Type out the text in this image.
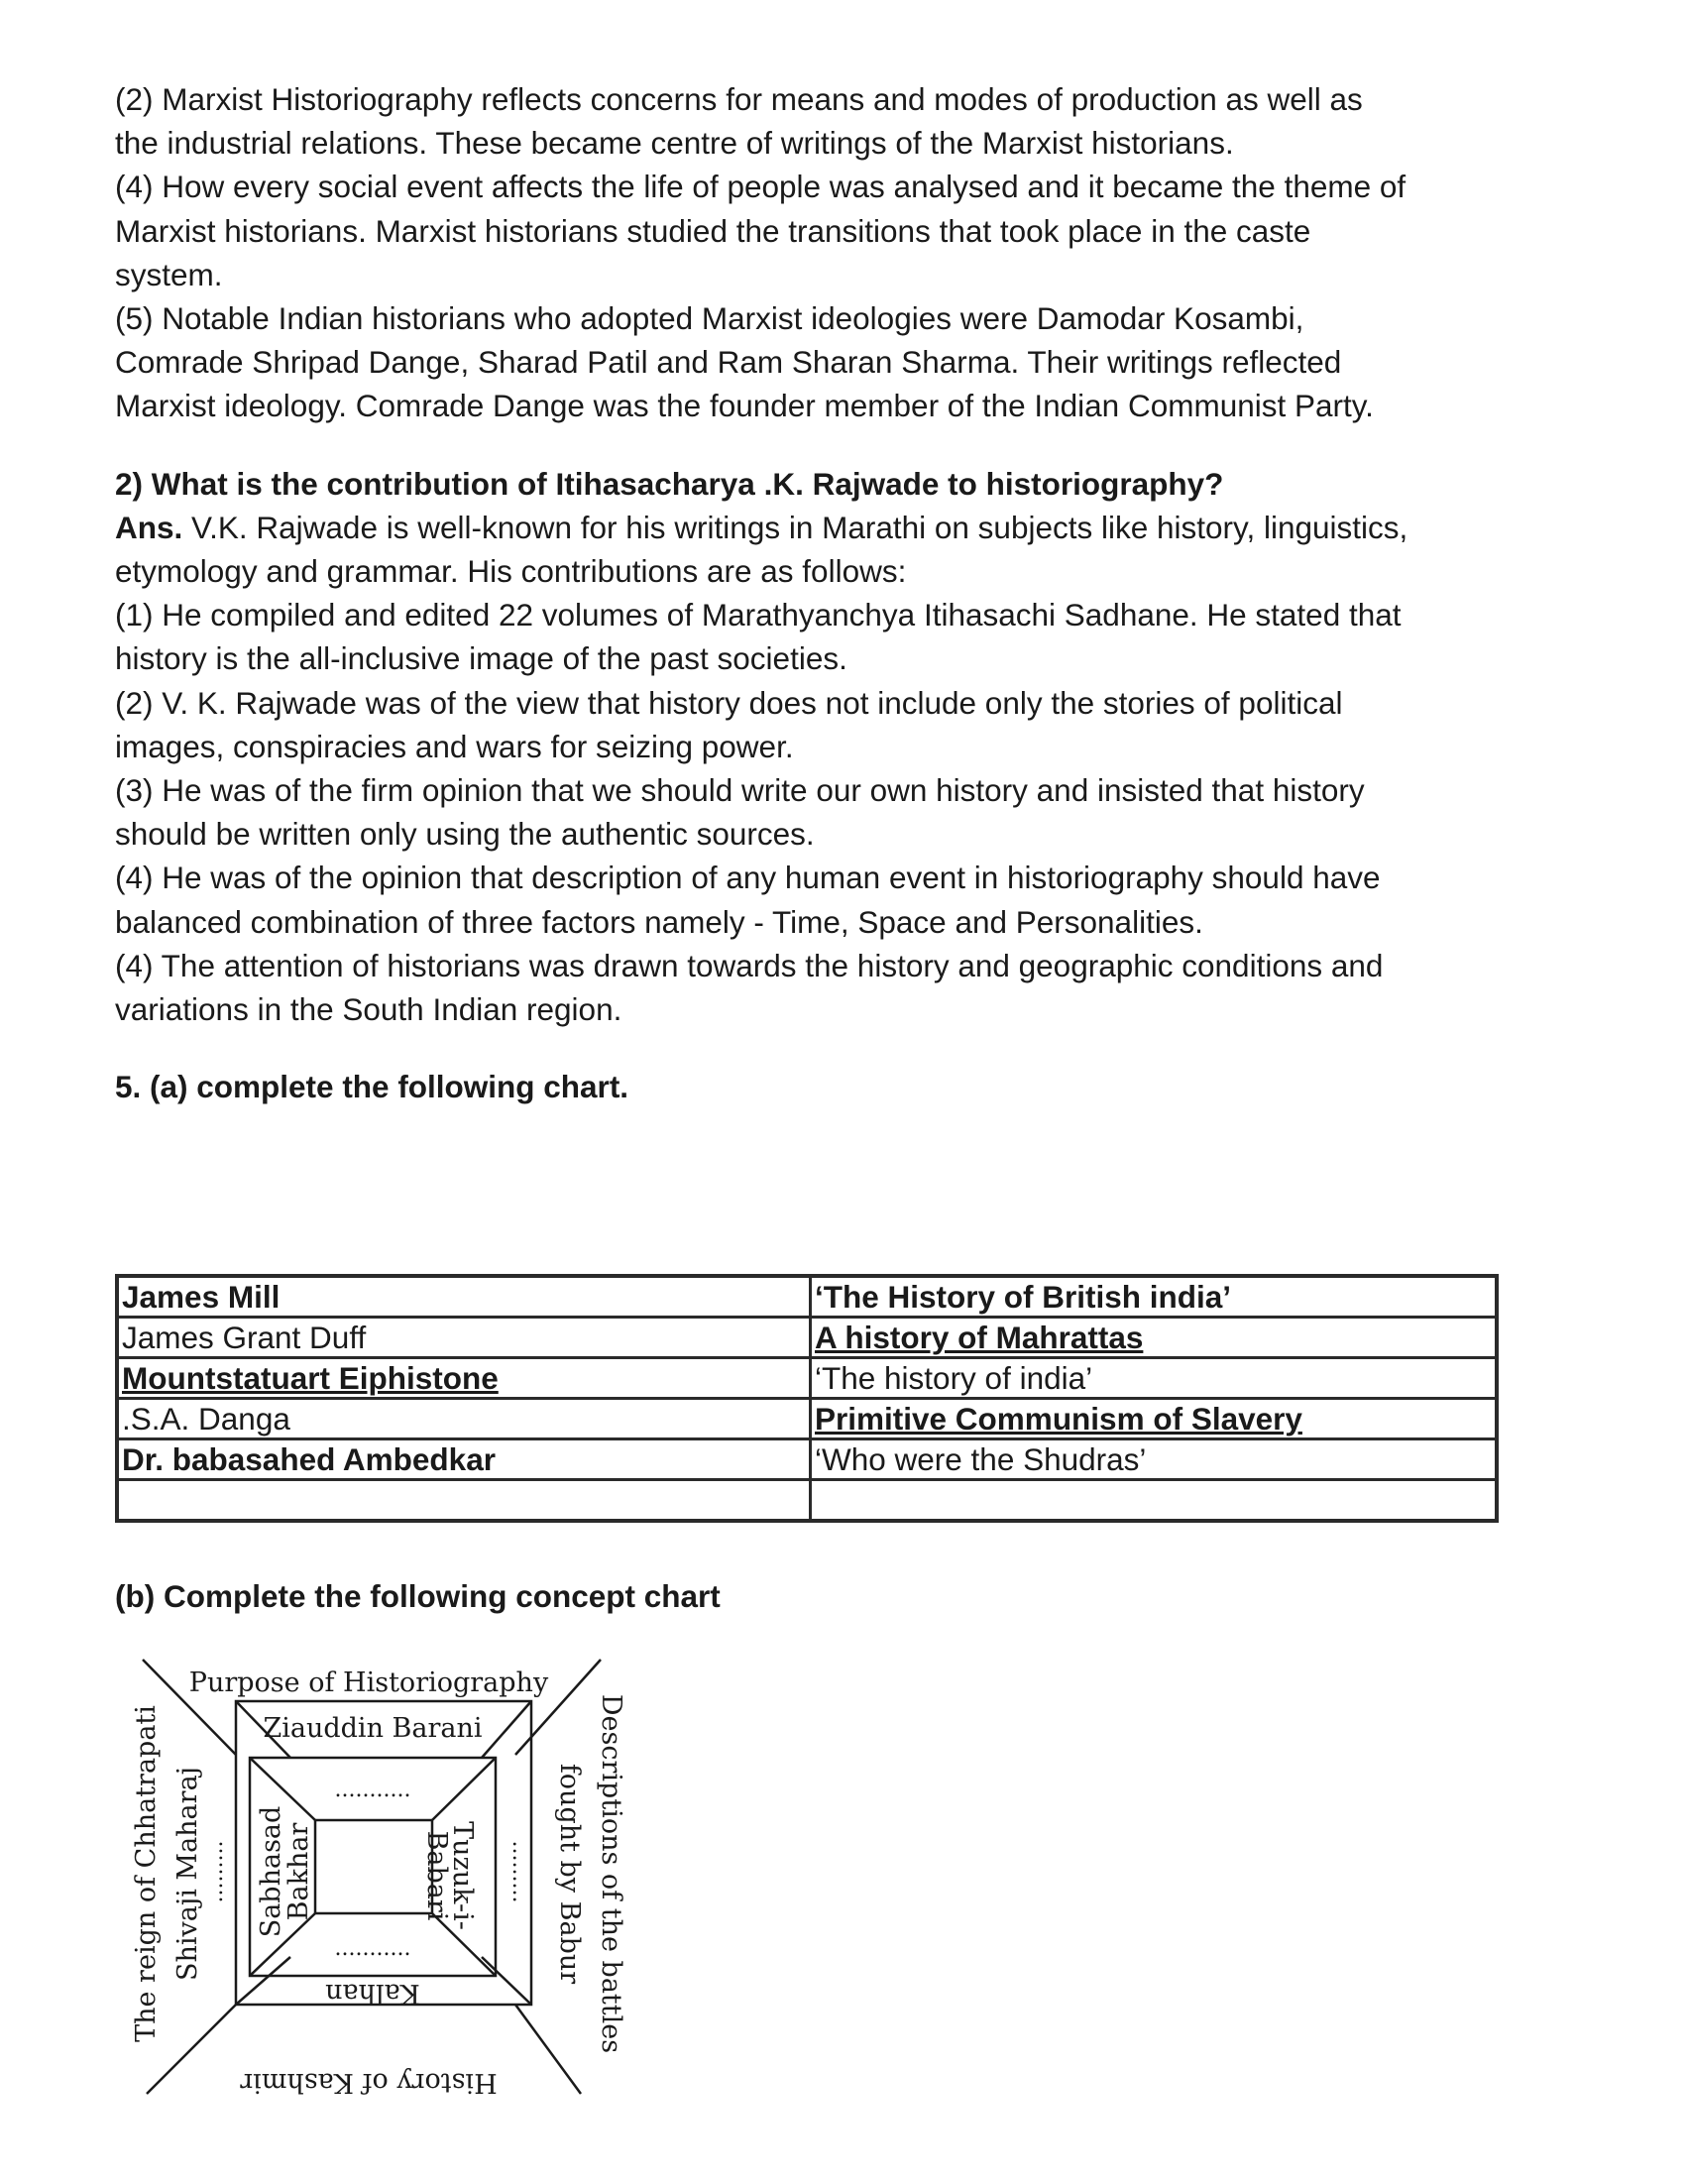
(2) Marxist Historiography reflects concerns for means and modes of production as well as

the industrial relations. These became centre of writings of the Marxist historians.

(4) How every social event affects the life of people was analysed and it became the theme of

Marxist historians. Marxist historians studied the transitions that took place in the caste

system.

(5) Notable Indian historians who adopted Marxist ideologies were Damodar Kosambi,

Comrade Shripad Dange, Sharad Patil and Ram Sharan Sharma. Their writings reflected

Marxist ideology. Comrade Dange was the founder member of the Indian Communist Party.

2) What is the contribution of Itihasacharya .K. Rajwade to historiography?

Ans. V.K. Rajwade is well-known for his writings in Marathi on subjects like history, linguistics,

etymology and grammar. His contributions are as follows:

(1) He compiled and edited 22 volumes of Marathyanchya Itihasachi Sadhane. He stated that

history is the all-inclusive image of the past societies.

(2) V. K. Rajwade was of the view that history does not include only the stories of political

images, conspiracies and wars for seizing power.

(3) He was of the firm opinion that we should write our own history and insisted that history

should be written only using the authentic sources.

(4) He was of the opinion that description of any human event in historiography should have

balanced combination of three factors namely - Time, Space and Personalities.

(4) The attention of historians was drawn towards the history and geographic conditions and

variations in the South Indian region.

5. (a) complete the following chart.

James Mill	‘The History of British india’
James Grant Duff	A history of Mahrattas
Mountstatuart Eiphistone	‘The history of india’
.S.A. Danga	Primitive Communism of Slavery
Dr. babasahed Ambedkar	‘Who were the Shudras’

(b) Complete the following concept chart
Purpose of Historiography
Ziauddin Barani
...........
...........
The reign of Chhatrapati Shivaji Maharaj ......... Sabhasad
Bakhar	Tuzuk-i-
Babari	......... Descriptions of the battles
fought by Babur
Kalhan
History of Kashmir
